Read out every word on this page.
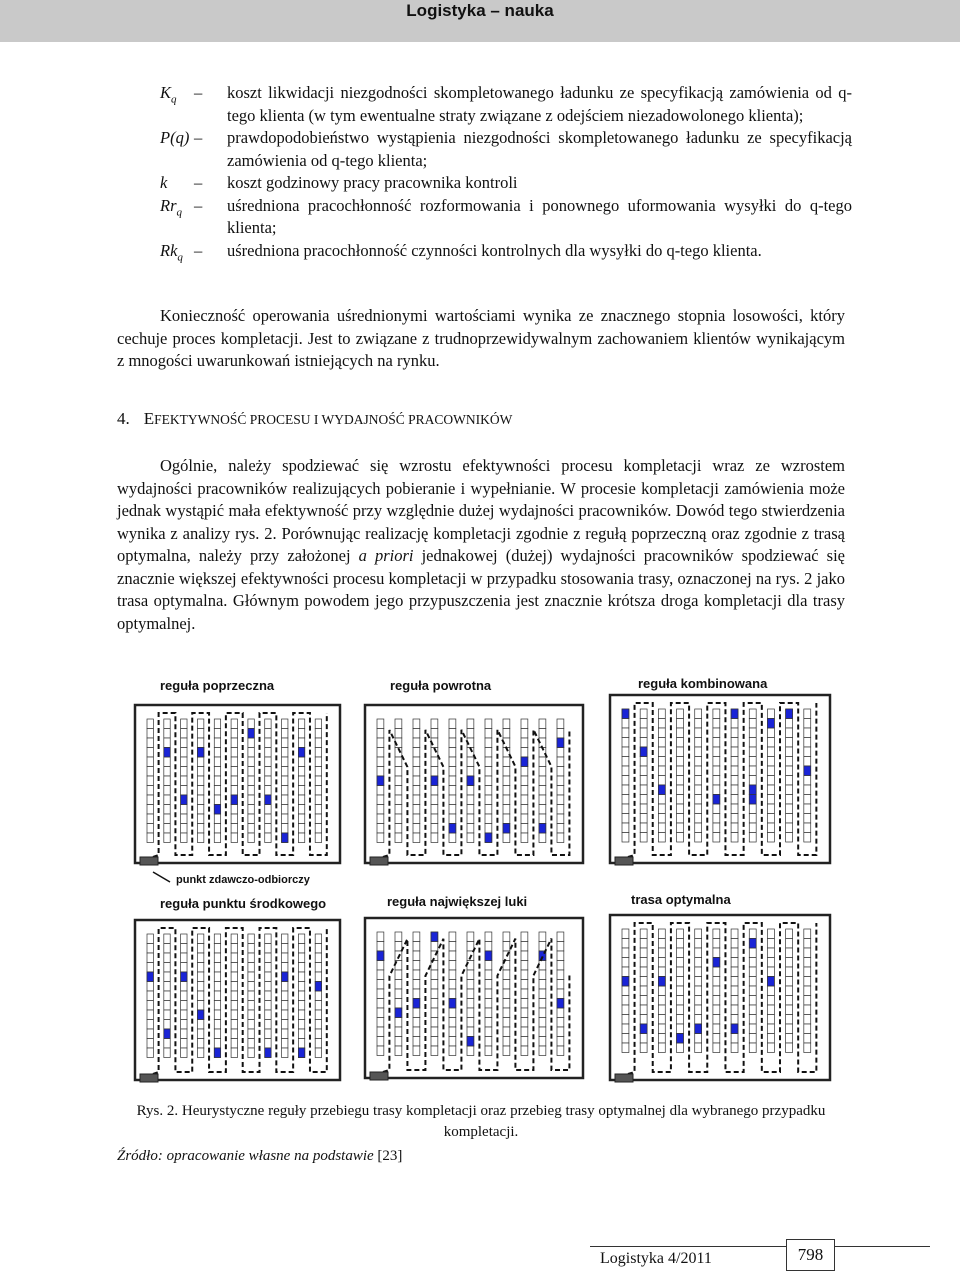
Logistyka – nauka
$K_q$ – koszt likwidacji niezgodności skompletowanego ładunku ze specyfikacją zamówienia od q-tego klienta (w tym ewentualne straty związane z odejściem niezadowolonego klienta);
P(q) – prawdopodobieństwo wystąpienia niezgodności skompletowanego ładunku ze specyfikacją zamówienia od q-tego klienta;
k – koszt godzinowy pracy pracownika kontroli
$Rr_q$ – uśredniona pracochłonność rozformowania i ponownego uformowania wysyłki do q-tego klienta;
$Rk_q$ – uśredniona pracochłonność czynności kontrolnych dla wysyłki do q-tego klienta.
Konieczność operowania uśrednionymi wartościami wynika ze znacznego stopnia losowości, który cechuje proces kompletacji. Jest to związane z trudnoprzewidywalnym zachowaniem klientów wynikającym z mnogości uwarunkowań istniejących na rynku.
4. EFEKTYWNOŚĆ PROCESU I WYDAJNOŚĆ PRACOWNIKÓW
Ogólnie, należy spodziewać się wzrostu efektywności procesu kompletacji wraz ze wzrostem wydajności pracowników realizujących pobieranie i wypełnianie. W procesie kompletacji zamówienia może jednak wystąpić mała efektywność przy względnie dużej wydajności pracowników. Dowód tego stwierdzenia wynika z analizy rys. 2. Porównując realizację kompletacji zgodnie z regułą poprzeczną oraz zgodnie z trasą optymalna, należy przy założonej a priori jednakowej (dużej) wydajności pracowników spodziewać się znacznie większej efektywności procesu kompletacji w przypadku stosowania trasy, oznaczonej na rys. 2 jako trasa optymalna. Głównym powodem jego przypuszczenia jest znacznie krótsza droga kompletacji dla trasy optymalnej.
reguła poprzeczna	reguła powrotna	reguła kombinowana
reguła punktu środkowego	reguła największej luki	trasa optymalna
punkt zdawczo-odbiorczy
Rys. 2. Heurystyczne reguły przebiegu trasy kompletacji oraz przebieg trasy optymalnej dla wybranego przypadku kompletacji.
Źródło: opracowanie własne na podstawie [23]
Logistyka 4/2011	798
